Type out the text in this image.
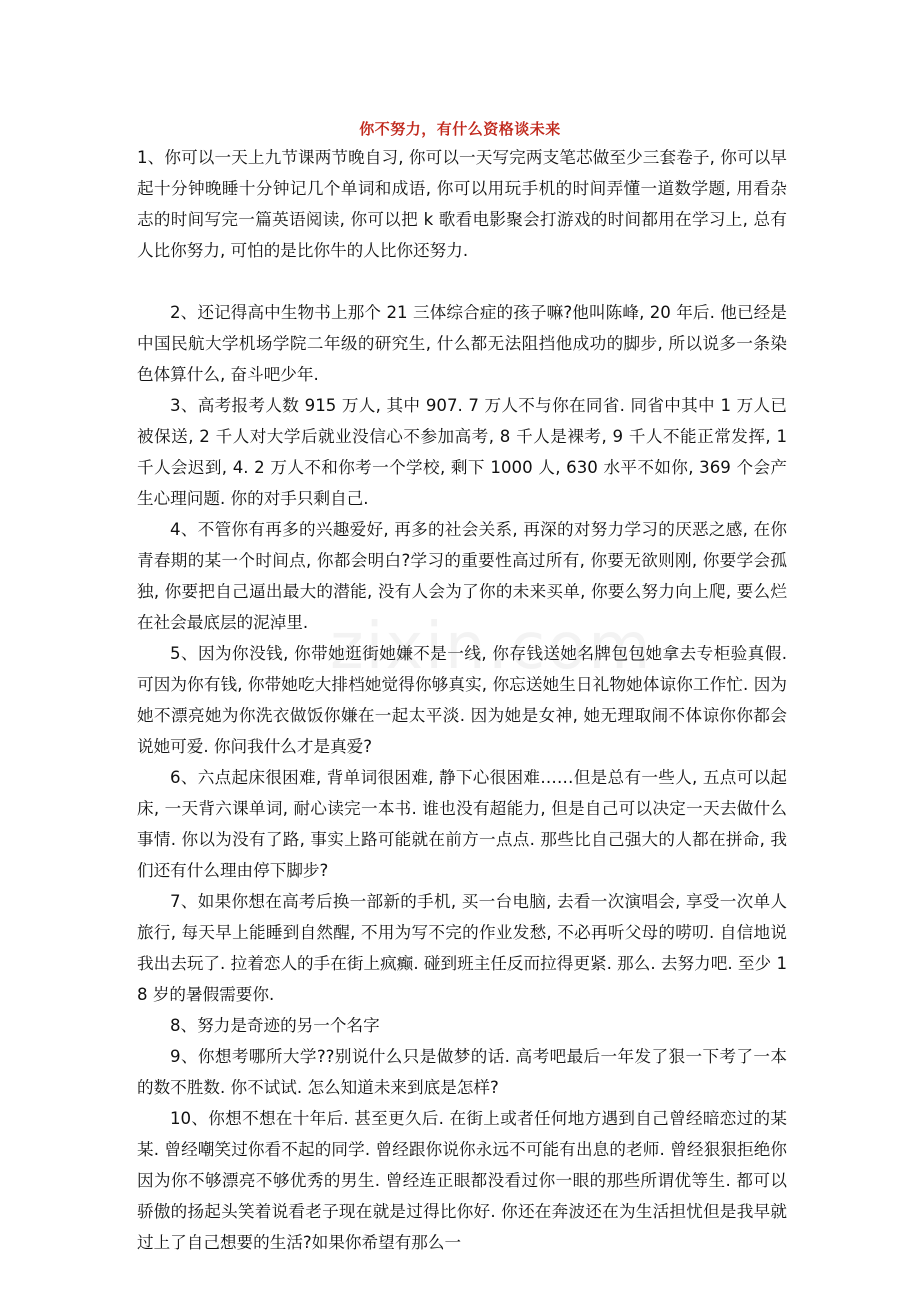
你不努力，有什么资格谈未来

1、你可以一天上九节课两节晚自习, 你可以一天写完两支笔芯做至少三套卷子, 你可以早起十分钟晚睡十分钟记几个单词和成语, 你可以用玩手机的时间弄懂一道数学题, 用看杂志的时间写完一篇英语阅读, 你可以把 k 歌看电影聚会打游戏的时间都用在学习上, 总有人比你努力, 可怕的是比你牛的人比你还努力.

2、还记得高中生物书上那个 21 三体综合症的孩子嘛?他叫陈峰, 20 年后. 他已经是中国民航大学机场学院二年级的研究生, 什么都无法阻挡他成功的脚步, 所以说多一条染色体算什么, 奋斗吧少年.

3、高考报考人数 915 万人, 其中 907. 7 万人不与你在同省. 同省中其中 1 万人已被保送, 2 千人对大学后就业没信心不参加高考, 8 千人是裸考, 9 千人不能正常发挥, 1 千人会迟到, 4. 2 万人不和你考一个学校, 剩下 1000 人, 630 水平不如你, 369 个会产生心理问题. 你的对手只剩自己.

4、不管你有再多的兴趣爱好, 再多的社会关系, 再深的对努力学习的厌恶之感, 在你青春期的某一个时间点, 你都会明白?学习的重要性高过所有, 你要无欲则刚, 你要学会孤独, 你要把自己逼出最大的潜能, 没有人会为了你的未来买单, 你要么努力向上爬, 要么烂在社会最底层的泥淖里.

5、因为你没钱, 你带她逛街她嫌不是一线, 你存钱送她名牌包包她拿去专柜验真假. 可因为你有钱, 你带她吃大排档她觉得你够真实, 你忘送她生日礼物她体谅你工作忙. 因为她不漂亮她为你洗衣做饭你嫌在一起太平淡. 因为她是女神, 她无理取闹不体谅你你都会说她可爱. 你问我什么才是真爱?

6、六点起床很困难, 背单词很困难, 静下心很困难……但是总有一些人, 五点可以起床, 一天背六课单词, 耐心读完一本书. 谁也没有超能力, 但是自己可以决定一天去做什么事情. 你以为没有了路, 事实上路可能就在前方一点点. 那些比自己强大的人都在拼命, 我们还有什么理由停下脚步?

7、如果你想在高考后换一部新的手机, 买一台电脑, 去看一次演唱会, 享受一次单人旅行, 每天早上能睡到自然醒, 不用为写不完的作业发愁, 不必再听父母的唠叨. 自信地说我出去玩了. 拉着恋人的手在街上疯癫. 碰到班主任反而拉得更紧. 那么. 去努力吧. 至少 18 岁的暑假需要你.

8、努力是奇迹的另一个名字

9、你想考哪所大学??别说什么只是做梦的话. 高考吧最后一年发了狠一下考了一本的数不胜数. 你不试试. 怎么知道未来到底是怎样?

10、你想不想在十年后. 甚至更久后. 在街上或者任何地方遇到自己曾经暗恋过的某某. 曾经嘲笑过你看不起的同学. 曾经跟你说你永远不可能有出息的老师. 曾经狠狠拒绝你因为你不够漂亮不够优秀的男生. 曾经连正眼都没看过你一眼的那些所谓优等生. 都可以骄傲的扬起头笑着说看老子现在就是过得比你好. 你还在奔波还在为生活担忧但是我早就过上了自己想要的生活?如果你希望有那么一
